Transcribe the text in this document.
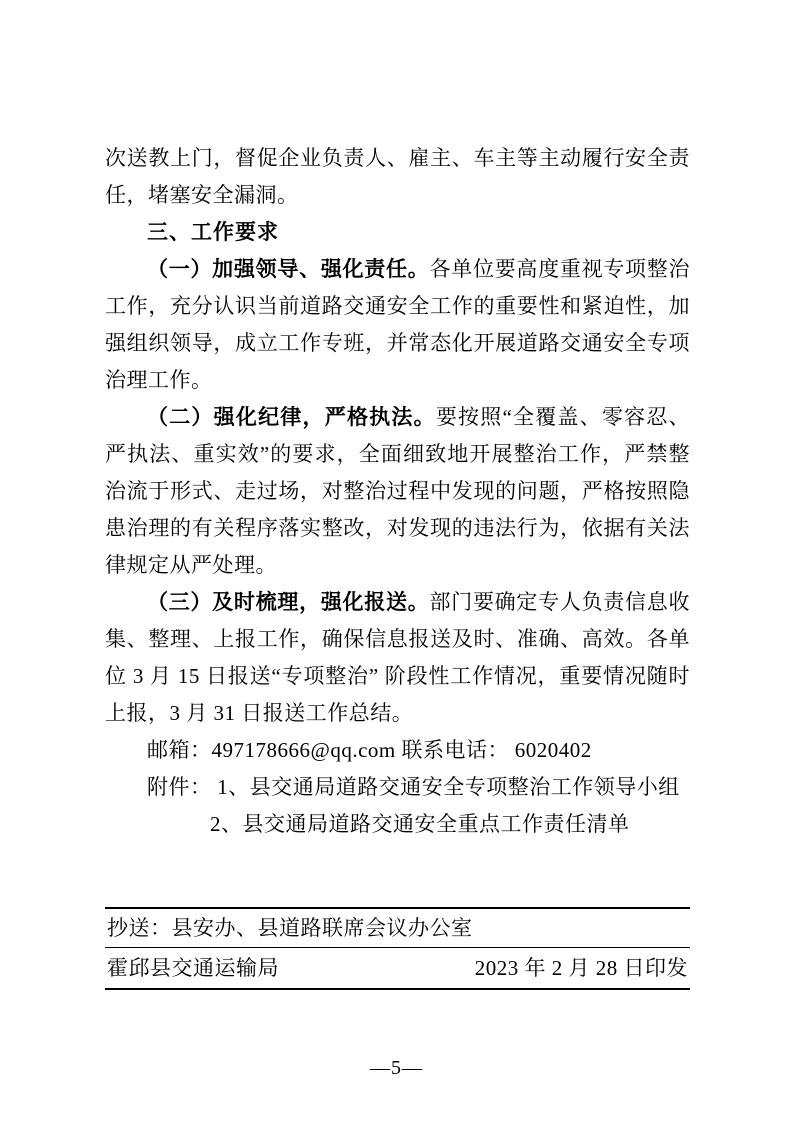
次送教上门，督促企业负责人、雇主、车主等主动履行安全责任，堵塞安全漏洞。

三、工作要求

（一）加强领导、强化责任。各单位要高度重视专项整治工作，充分认识当前道路交通安全工作的重要性和紧迫性，加强组织领导，成立工作专班，并常态化开展道路交通安全专项治理工作。

（二）强化纪律，严格执法。要按照“全覆盖、零容忍、严执法、重实效”的要求，全面细致地开展整治工作，严禁整治流于形式、走过场，对整治过程中发现的问题，严格按照隐患治理的有关程序落实整改，对发现的违法行为，依据有关法律规定从严处理。

（三）及时梳理，强化报送。部门要确定专人负责信息收集、整理、上报工作，确保信息报送及时、准确、高效。各单位 3 月 15 日报送“专项整治” 阶段性工作情况，重要情况随时上报，3 月 31 日报送工作总结。

邮箱：497178666@qq.com 联系电话： 6020402

附件： 1、县交通局道路交通安全专项整治工作领导小组

2、县交通局道路交通安全重点工作责任清单

抄送：县安办、县道路联席会议办公室
霍邱县交通运输局	2023 年 2 月 28 日印发
—5—
